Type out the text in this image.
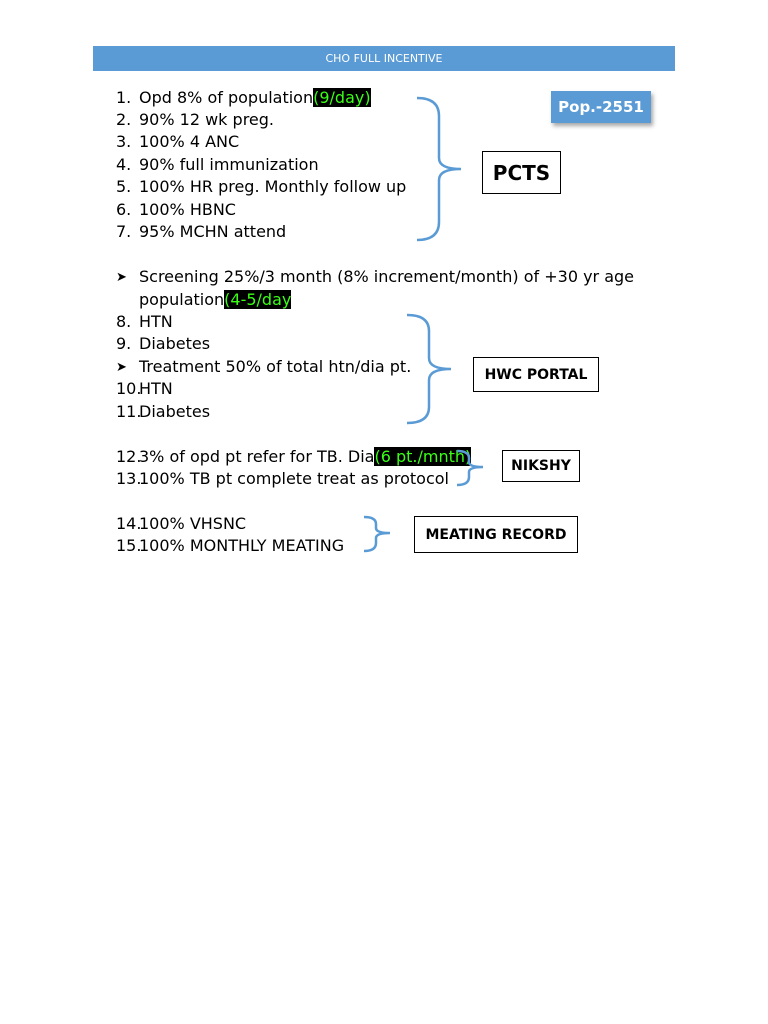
CHO FULL INCENTIVE
Pop.-2551
1. Opd 8% of population(9/day)
2. 90% 12 wk preg.
3. 100% 4 ANC
4. 90% full immunization
5. 100% HR preg. Monthly follow up
6. 100% HBNC
7. 95% MCHN attend
PCTS
➤ Screening 25%/3 month (8% increment/month) of +30 yr age
population(4-5/day
8. HTN
9. Diabetes
➤ Treatment 50% of total htn/dia pt.
10.
HTN
11.
Diabetes
HWC PORTAL
12.
3% of opd pt refer for TB. Dia(6 pt./mnth)
13.
100% TB pt complete treat as protocol
NIKSHY
14.
100% VHSNC
15.
100% MONTHLY MEATING
MEATING RECORD
